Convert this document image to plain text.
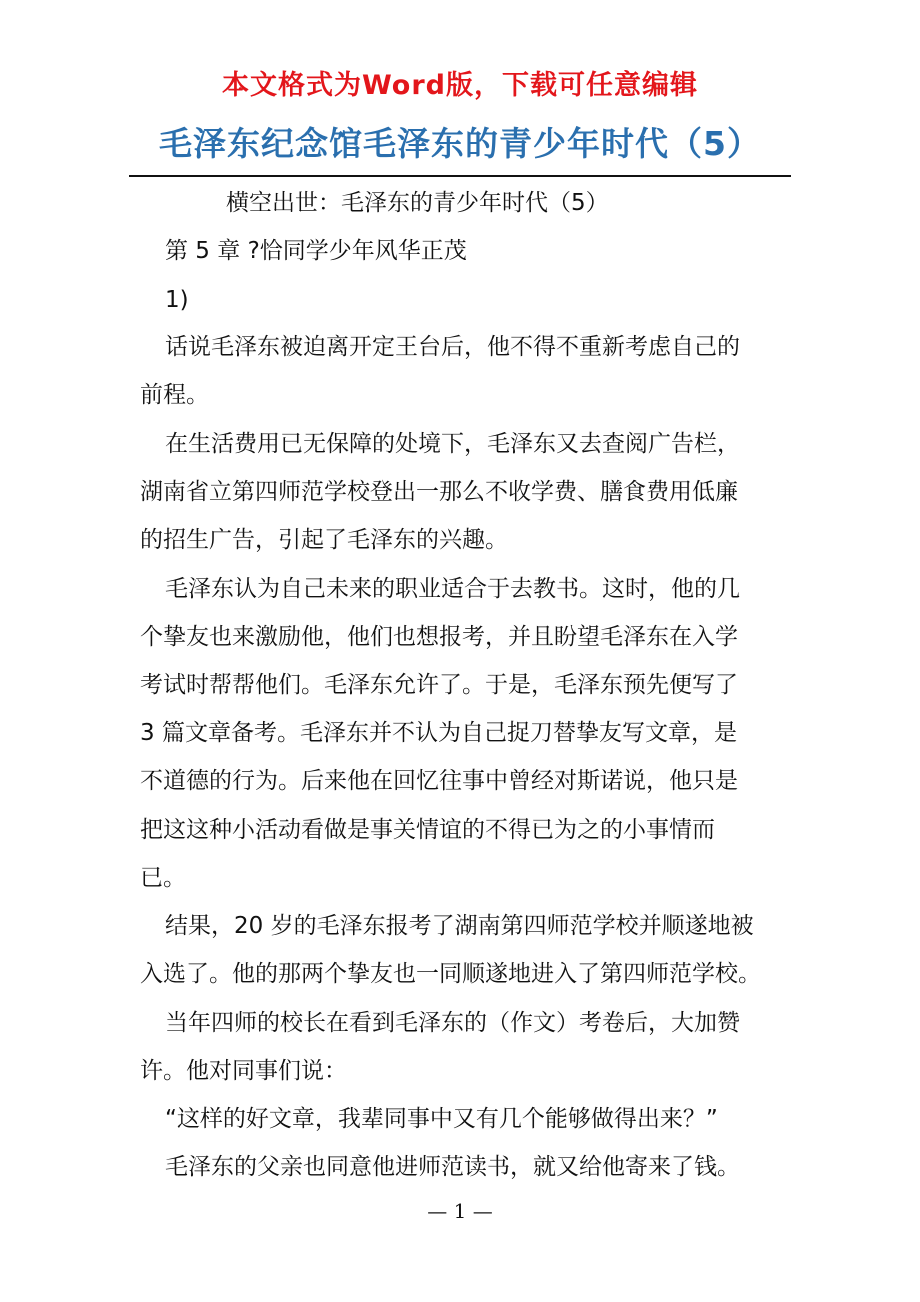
本文格式为Word版，下载可任意编辑
毛泽东纪念馆毛泽东的青少年时代（5）
横空出世：毛泽东的青少年时代（5）
第 5 章 ?恰同学少年风华正茂
1)
话说毛泽东被迫离开定王台后，他不得不重新考虑自己的
前程。
在生活费用已无保障的处境下，毛泽东又去查阅广告栏，
湖南省立第四师范学校登出一那么不收学费、膳食费用低廉
的招生广告，引起了毛泽东的兴趣。
毛泽东认为自己未来的职业适合于去教书。这时，他的几
个挚友也来激励他，他们也想报考，并且盼望毛泽东在入学
考试时帮帮他们。毛泽东允许了。于是，毛泽东预先便写了
3 篇文章备考。毛泽东并不认为自己捉刀替挚友写文章，是
不道德的行为。后来他在回忆往事中曾经对斯诺说，他只是
把这这种小活动看做是事关情谊的不得已为之的小事情而
已。
结果，20 岁的毛泽东报考了湖南第四师范学校并顺遂地被
入选了。他的那两个挚友也一同顺遂地进入了第四师范学校。
当年四师的校长在看到毛泽东的（作文）考卷后，大加赞
许。他对同事们说：
“这样的好文章，我辈同事中又有几个能够做得出来？”
毛泽东的父亲也同意他进师范读书，就又给他寄来了钱。
— 1 —
